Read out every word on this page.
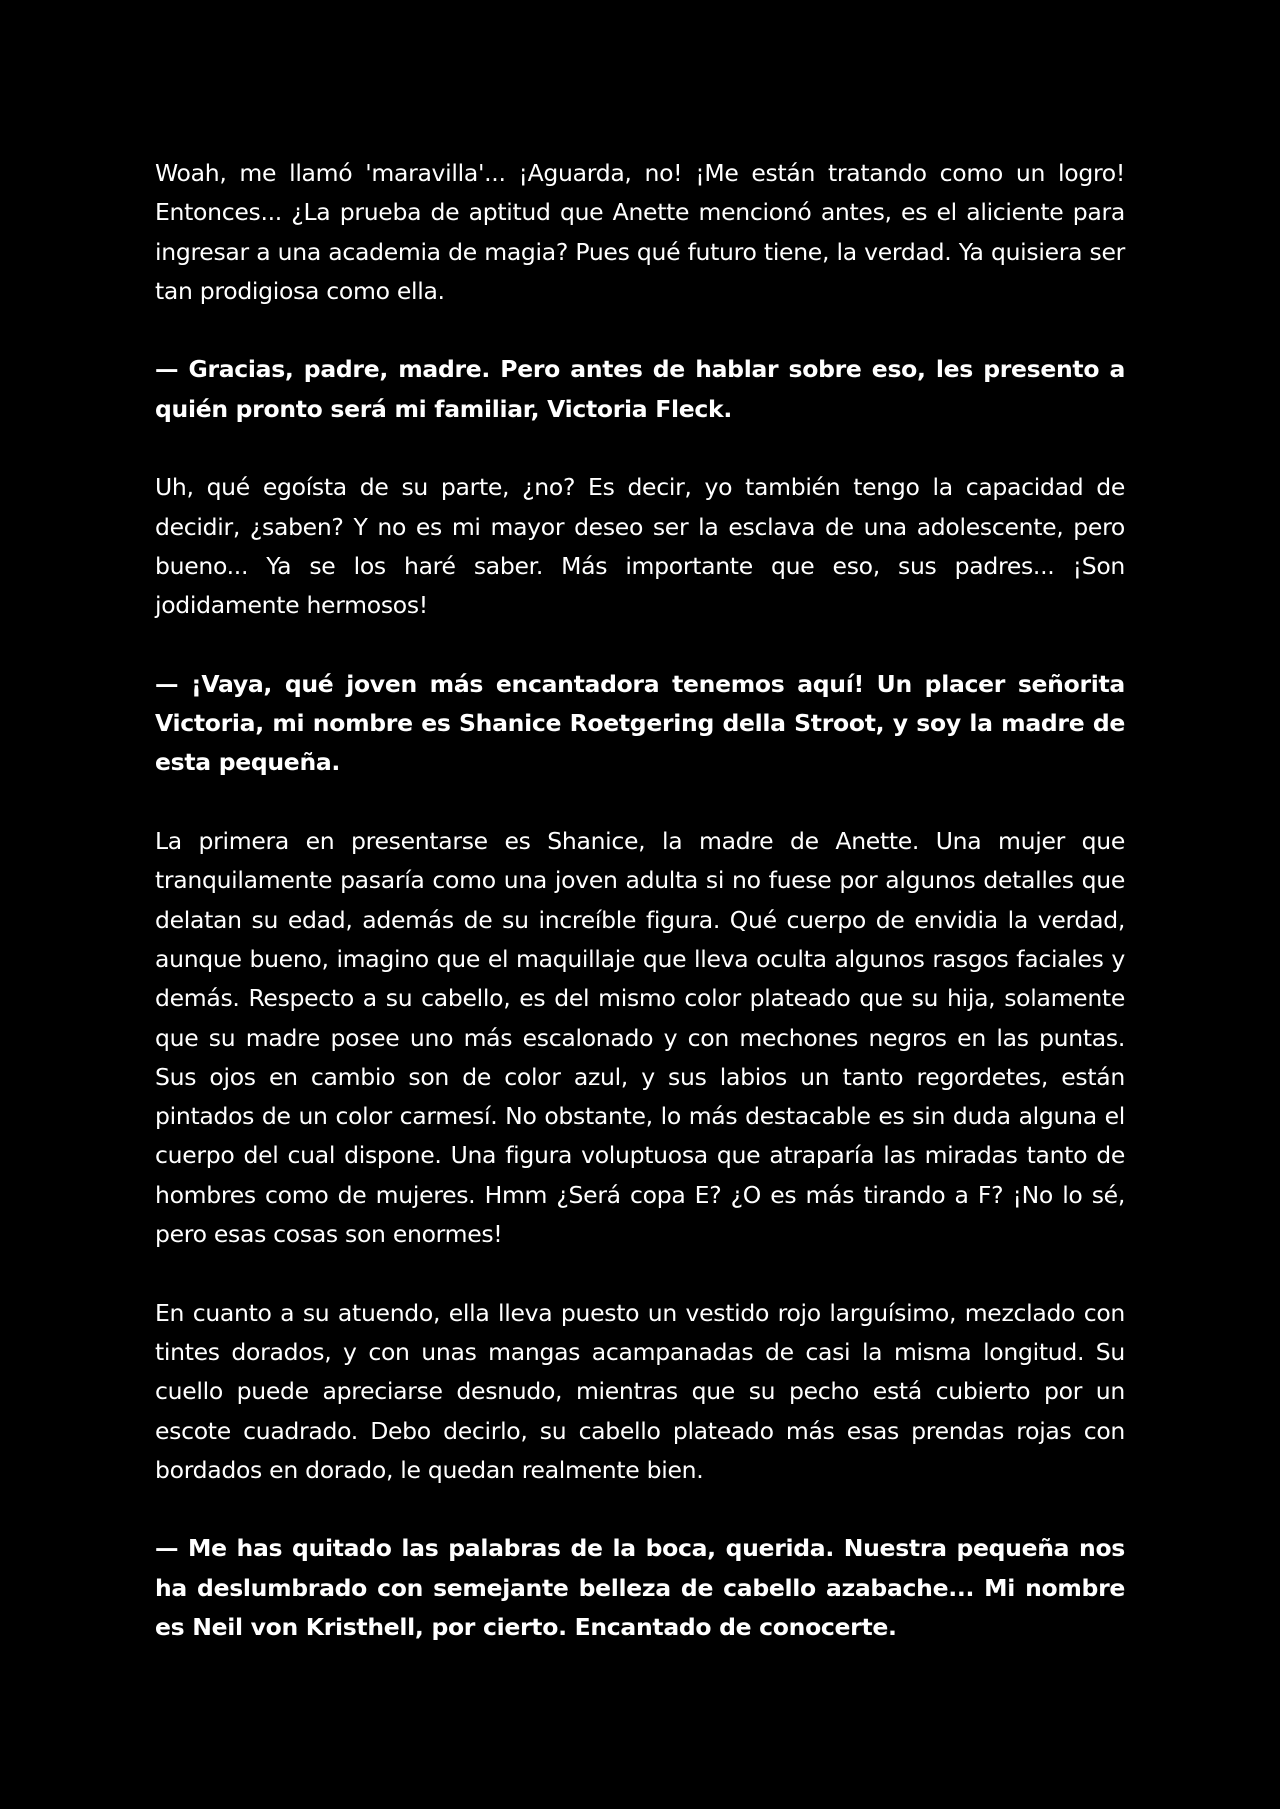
Woah, me llamó 'maravilla'... ¡Aguarda, no! ¡Me están tratando como un logro! Entonces... ¿La prueba de aptitud que Anette mencionó antes, es el aliciente para ingresar a una academia de magia? Pues qué futuro tiene, la verdad. Ya quisiera ser tan prodigiosa como ella.

— Gracias, padre, madre. Pero antes de hablar sobre eso, les presento a quién pronto será mi familiar, Victoria Fleck.

Uh, qué egoísta de su parte, ¿no? Es decir, yo también tengo la capacidad de decidir, ¿saben? Y no es mi mayor deseo ser la esclava de una adolescente, pero bueno... Ya se los haré saber. Más importante que eso, sus padres... ¡Son jodidamente hermosos!

— ¡Vaya, qué joven más encantadora tenemos aquí! Un placer señorita Victoria, mi nombre es Shanice Roetgering della Stroot, y soy la madre de esta pequeña.

La primera en presentarse es Shanice, la madre de Anette. Una mujer que tranquilamente pasaría como una joven adulta si no fuese por algunos detalles que delatan su edad, además de su increíble figura. Qué cuerpo de envidia la verdad, aunque bueno, imagino que el maquillaje que lleva oculta algunos rasgos faciales y demás. Respecto a su cabello, es del mismo color plateado que su hija, solamente que su madre posee uno más escalonado y con mechones negros en las puntas. Sus ojos en cambio son de color azul, y sus labios un tanto regordetes, están pintados de un color carmesí. No obstante, lo más destacable es sin duda alguna el cuerpo del cual dispone. Una figura voluptuosa que atraparía las miradas tanto de hombres como de mujeres. Hmm ¿Será copa E? ¿O es más tirando a F? ¡No lo sé, pero esas cosas son enormes!

En cuanto a su atuendo, ella lleva puesto un vestido rojo larguísimo, mezclado con tintes dorados, y con unas mangas acampanadas de casi la misma longitud. Su cuello puede apreciarse desnudo, mientras que su pecho está cubierto por un escote cuadrado. Debo decirlo, su cabello plateado más esas prendas rojas con bordados en dorado, le quedan realmente bien.

— Me has quitado las palabras de la boca, querida. Nuestra pequeña nos ha deslumbrado con semejante belleza de cabello azabache... Mi nombre es Neil von Kristhell, por cierto. Encantado de conocerte.
